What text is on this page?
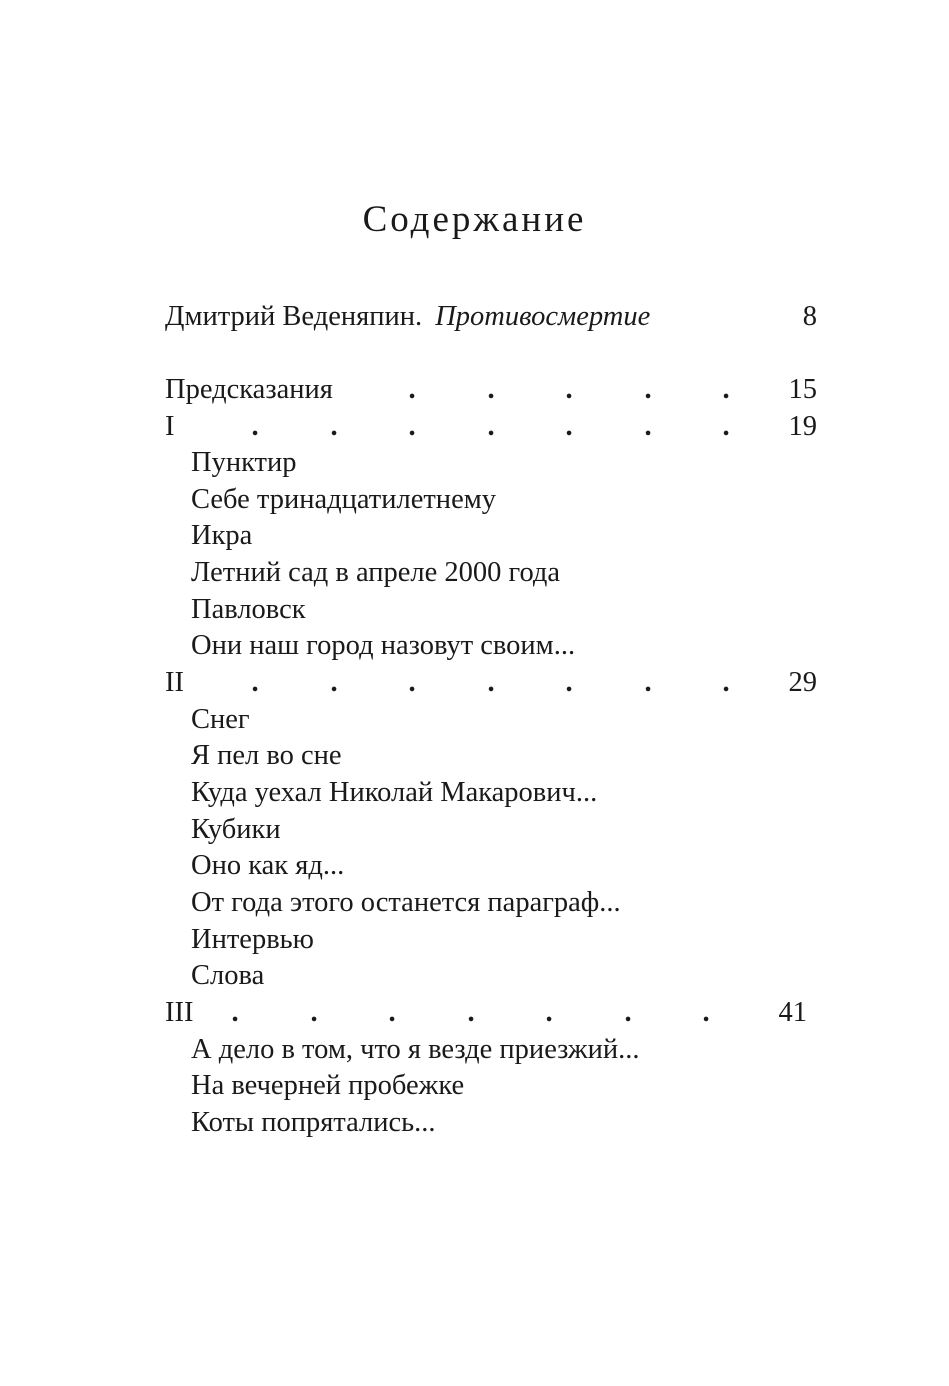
Содержание
Дмитрий Веденяпин. Противосмертие	8
Предсказания	.	. .	. .	15
I	.	. .	. .	. .	19
Пунктир
Себе тринадцатилетнему
Икра
Летний сад в апреле 2000 года
Павловск
Они наш город назовут своим...
II .	. .	. .	. .	29
Снег
Я пел во сне
Куда уехал Николай Макарович...
Кубики
Оно как яд...
От года этого останется параграф...
Интервью
Слова
III .	. .	. .	. .	41
А дело в том, что я везде приезжий...
На вечерней пробежке
Коты попрятались...
